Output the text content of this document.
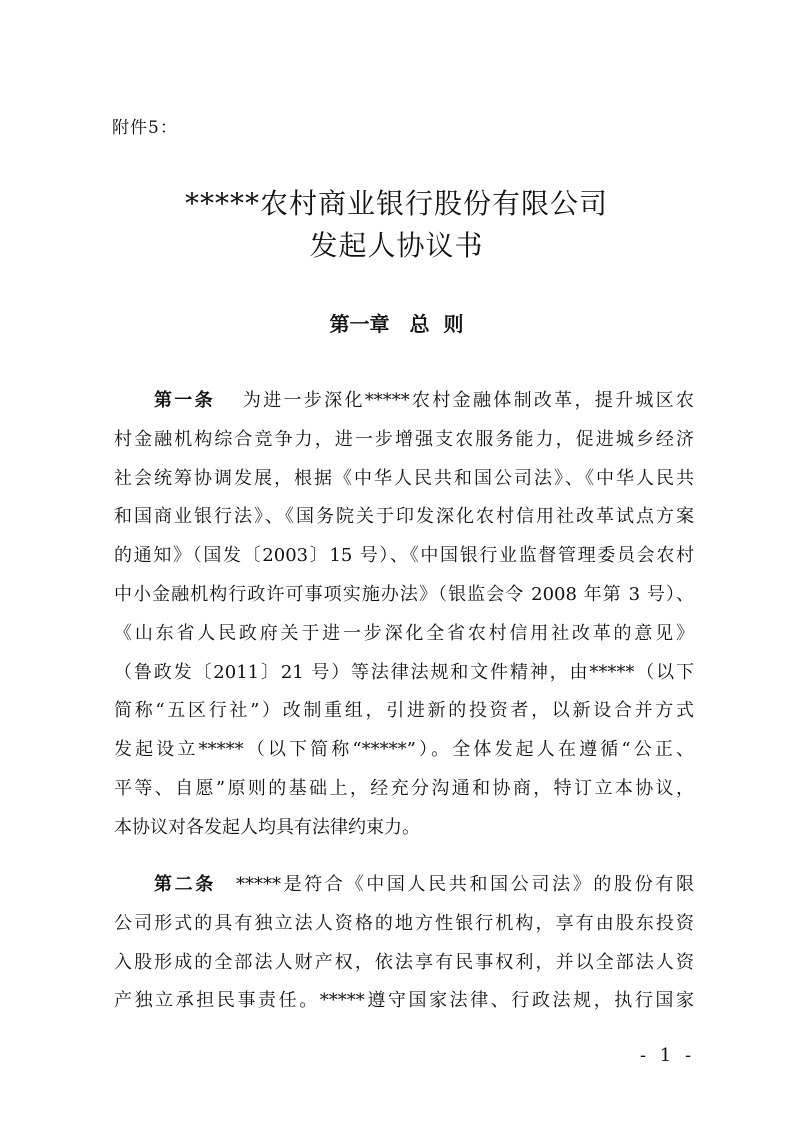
附件5：
*****农村商业银行股份有限公司
发起人协议书
第一章 总 则
第一条 为进一步深化*****农村金融体制改革，提升城区农
村金融机构综合竞争力，进一步增强支农服务能力，促进城乡经济
社会统筹协调发展，根据《中华人民共和国公司法》、《中华人民共
和国商业银行法》、《国务院关于印发深化农村信用社改革试点方案
的通知》（国发〔2003〕15 号）、《中国银行业监督管理委员会农村
中小金融机构行政许可事项实施办法》（银监会令 2008 年第 3 号）、
《山东省人民政府关于进一步深化全省农村信用社改革的意见》
（鲁政发〔2011〕21 号）等法律法规和文件精神，由*****（以下
简称“五区行社”）改制重组，引进新的投资者，以新设合并方式
发起设立*****（以下简称“*****”）。全体发起人在遵循“公正、
平等、自愿”原则的基础上，经充分沟通和协商，特订立本协议，
本协议对各发起人均具有法律约束力。
第二条 *****是符合《中国人民共和国公司法》的股份有限
公司形式的具有独立法人资格的地方性银行机构，享有由股东投资
入股形成的全部法人财产权，依法享有民事权利，并以全部法人资
产独立承担民事责任。*****遵守国家法律、行政法规，执行国家
- 1 -
